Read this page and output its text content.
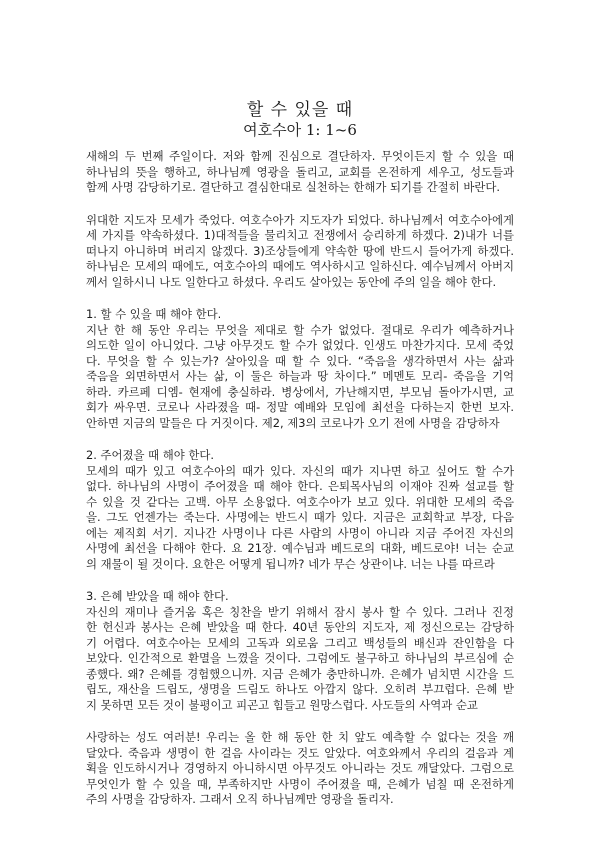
할 수 있을 때
여호수아 1: 1~6
새해의 두 번째 주일이다. 저와 함께 진심으로 결단하자. 무엇이든지 할 수 있을 때
하나님의 뜻을 행하고, 하나님께 영광을 돌리고, 교회를 온전하게 세우고, 성도들과
함께 사명 감당하기로. 결단하고 결심한대로 실천하는 한해가 되기를 간절히 바란다.
위대한 지도자 모세가 죽었다. 여호수아가 지도자가 되었다. 하나님께서 여호수아에게
세 가지를 약속하셨다. 1)대적들을 물리치고 전쟁에서 승리하게 하겠다. 2)내가 너를
떠나지 아니하며 버리지 않겠다. 3)조상들에게 약속한 땅에 반드시 들어가게 하겠다.
하나님은 모세의 때에도, 여호수아의 때에도 역사하시고 일하신다. 예수님께서 아버지
께서 일하시니 나도 일한다고 하셨다. 우리도 살아있는 동안에 주의 일을 해야 한다.
1. 할 수 있을 때 해야 한다.
지난 한 해 동안 우리는 무엇을 제대로 할 수가 없었다. 절대로 우리가 예측하거나
의도한 일이 아니었다. 그냥 아무것도 할 수가 없었다. 인생도 마찬가지다. 모세 죽었
다. 무엇을 할 수 있는가? 살아있을 때 할 수 있다. “죽음을 생각하면서 사는 삶과
죽음을 외면하면서 사는 삶, 이 둘은 하늘과 땅 차이다.” 메멘토 모리- 죽음을 기억
하라. 카르페 디엠- 현재에 충실하라. 병상에서, 가난해지면, 부모님 돌아가시면, 교
회가 싸우면. 코로나 사라졌을 때- 정말 예배와 모임에 최선을 다하는지 한번 보자.
안하면 지금의 말들은 다 거짓이다. 제2, 제3의 코로나가 오기 전에 사명을 감당하자
2. 주어졌을 때 해야 한다.
모세의 때가 있고 여호수아의 때가 있다. 자신의 때가 지나면 하고 싶어도 할 수가
없다. 하나님의 사명이 주어졌을 때 해야 한다. 은퇴목사님의 이재야 진짜 설교를 할
수 있을 것 같다는 고백. 아무 소용없다. 여호수아가 보고 있다. 위대한 모세의 죽음
을. 그도 언젠가는 죽는다. 사명에는 반드시 때가 있다. 지금은 교회학교 부장, 다음
에는 제직회 서기. 지나간 사명이나 다른 사람의 사명이 아니라 지금 주어진 자신의
사명에 최선을 다해야 한다. 요 21장. 예수님과 베드로의 대화, 베드로야! 너는 순교
의 재물이 될 것이다. 요한은 어떻게 됩니까? 네가 무슨 상관이냐. 너는 나를 따르라
3. 은혜 받았을 때 해야 한다.
자신의 재미나 즐거움 혹은 칭찬을 받기 위해서 잠시 봉사 할 수 있다. 그러나 진정
한 헌신과 봉사는 은혜 받았을 때 한다. 40년 동안의 지도자, 제 정신으로는 감당하
기 어렵다. 여호수아는 모세의 고독과 외로움 그리고 백성들의 배신과 잔인함을 다
보았다. 인간적으로 환멸을 느꼈을 것이다. 그럼에도 불구하고 하나님의 부르심에 순
종했다. 왜? 은혜를 경험했으니까. 지금 은혜가 충만하니까. 은혜가 넘치면 시간을 드
립도, 재산을 드립도, 생명을 드림도 하나도 아깝지 않다. 오히려 부끄럽다. 은혜 받
지 못하면 모든 것이 불평이고 피곤고 힘들고 원망스럽다. 사도들의 사역과 순교
사랑하는 성도 여러분! 우리는 올 한 해 동안 한 치 앞도 예측할 수 없다는 것을 깨
달았다. 죽음과 생명이 한 걸음 사이라는 것도 알았다. 여호와께서 우리의 걸음과 계
획을 인도하시거나 경영하지 아니하시면 아무것도 아니라는 것도 깨달았다. 그럼으로
무엇인가 할 수 있을 때, 부족하지만 사명이 주어졌을 때, 은혜가 넘칠 때 온전하게
주의 사명을 감당하자. 그래서 오직 하나님께만 영광을 돌리자.
